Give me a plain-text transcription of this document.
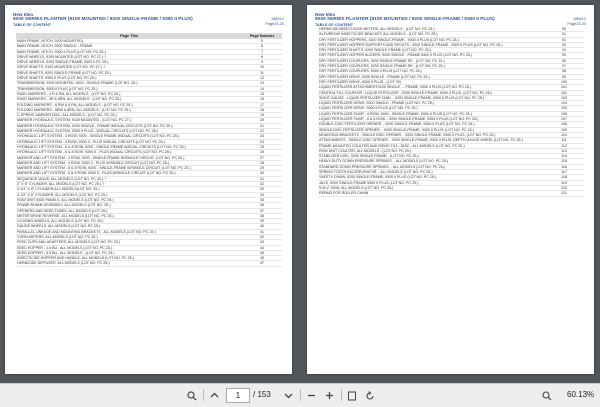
New Idea
9000 SERIES PLANTER (9100 MOUNTED / 9200 SINGLE-FRAME / 9300 II PLUS)
TABLE OF CONTENT
988012
Page23-30
Page Title	Page Number
MAIN FRAME, HITCH, 9100 MOUNTED)	5
MAIN FRAME, HITCH, 9200 SINGLE - FRAME	6
MAIN FRAME, HITCH, 9300 II PLUS (LOT NO. PC 25-)	7
DRIVE WHEELS, 9100 MOUNTED (LOT NO. PC 27-) ?	8
DRIVE WHEELS, 9200 SINGLE-FRAME, 9300 II PC 25-)	9
DRIVE SHAFTS, 9100 MOUNTED (LOT NO. PC 27-) ?	10
DRIVE SHAFTS, 9200 SINGLE-FRAME (LOT NO. PC 25-)	11
DRIVE SHAFTS, 9300 II PLUS (LOT NO. PC 25-)	12
TRANSMISSION, 9100 MOUNTED, 9200 - SINGLE-FRAME (LOT NO. 25-)	13
TRANSMISSION, 9300 II PLUS (LOT NO. PC 25-)	14
RIGID MARKERS - 4 R & RN, ALL MODELS - (LOT NO. PC 25-)	15
RIGID MARKERS - 4R & 6RN, ALL MODELS - (LOT NO. PC 25-)	16
FOLDING MARKERS - 6 RW & 8 RN, ALL MODELS - (LOT NO. PC 25-)	17
FOLDING MARKERS - 6RW & 8RN, ALL MODELS - (LOT NO. PC 25-)	18
C-SPRING MARKER DISC, ALL MODELS - (LOT NO. PC 25-)	19
MARKER HYDRAULIC SYSTEM, 9100 MOUNTED - (LOT NO. PC 27-)	20
MARKER HYDRAULIC SYSTEM, 9200 SINGLE - FRAME W/DUAL CIRCUITS (LOT NO. PC 25-)	21
MARKER HYDRAULIC SYSTEM, 9300 II PLUS - W/DUAL CIRCUITS (LOT NO. PC 25-)	22
HYDRAULIC LIFT SYSTEM - 4 ROW, 9200 - SINGLE FRAME W/DUAL CIRCUITS (LOT NO. PC 25-)	23
HYDRAULIC LIFT SYSTEM - 4 ROW, 9300 II - PLUS W/DUAL CIRCUITS (LOT NO. PC 25-)	24
HYDRAULIC LIFT SYSTEM - 6 & 8 ROW, 9200 - SINGLE-FRAME W/DUAL CIRCUITS (LOT NO. PC 25-)	25
HYDRAULIC LIFT SYSTEM - 6 & 8 ROW, 9300 II - PLUS W/DUAL CIRCUITS (LOT NO. PC 25-)	26
MARKER AND LIFT SYSTEM - 4 ROW, 9200 - SINGLE-FRAME W/SINGLE CIRCUIT, (LOT NO. PC 25-)	27
MARKER AND LIFT SYSTEM - 4 ROW, 9300 II - PLUS W/SINGLE CIRCUIT (LOT NO. PC 25-)	28
MARKER AND LIFT SYSTEM - 6 & 8 ROW, 9200 - SINGLE-FRAME W/SINGLE CIRCUIT, (LOT NO. PC 25-)	29
MARKER AND LIFT SYSTEM - 6 & 8 ROW, 9300 II - PLUS W/SINGLE CIRCUIT (LOT NO. PC 25-)	30
SEQUENCE VALVE, ALL MODELS (LOT NO. PC 25-) ?	31
2" X 8" CYLINDER, ALL MODELS (LOT NO. PC 25-) ?	32
3-1/4" X 8" CYLINDER,ALL MODELS(LOT NO. 25-)	33
3-1/2" X 8" CYLINDER, ALL MODELS (LOT NO. PC 25-)	34
ROW UNIT SIDE PANELS, ALL MODELS (LOT NO. PC 25-)	35
FRAME/SHANK ASSEMBLY, ALL MODELS (LOT NO. 25-)	36
OPENERS AND SEED TUBES, ALL MODELS (LOT 25-)	37
METER DRIVE REVERSE, ALL MODELS (LOT NO. PC 25-)	38
CLOSING WHEELS, ALL MODELS (LOT NO. PC 25-)	39
GAUGE WHEELS, ALL MODELS (LOT NO. PC 25-)	40
PARALLEL LINKAGE AND MOUNTING BRACKETS , ALL MODELS (LOT NO. PC 25-)	41
CORN METERS, ALL MODELS (LOT NO. PC 25-)	42
FEED CUPS AND ADAPTERS, ALL MODELS (LOT NO. PC 25-)	43
SEED HOPPER - 1.6 BU., ALL MODELS (LOT NO. PC 25-)	44
SEED HOPPER - 3.0 BU., ALL MODELS - (LOT NO. PC 25-)	45
INSECTICIDE HOPPER AND HANDLE, ALL MODELS (LOT NO. PC 25-)	46
HERBICIDE DIFFUSER, ALL MODELS (LOT NO. PC 25-)	47
New Idea
9000 SERIES PLANTER (9100 MOUNTED / 9200 SINGLE-FRAME / 9300 II PLUS)
TABLE OF CONTENT
988012
Page23-30
HERBICIDE/INSECTICIDE METERS, ALL MODELS - (LOT NO. PC 25-)	90
IN-FURROW INSECTICIDE BRACKET, ALL MODELS - (LOT NO. PC 25-)	91
DRY FERTILIZER HOPPERS, 9200 SINGLE-FRAME - 9300 II PLUS (LOT NO. PC 25-)	92
DRY FERTILIZER HOPPER SUPPORTS AND SPOUTS - 9200 SINGLE-FRAME - 9300 II PLUS (LOT NO. PC 25-)	93
DRY FERTILIZER SHAFTS, 9200 SINGLE-FRAME (LOT NO. PC 25-)	94
DRY FERTILIZER HOPPER AUGERS, 9200 SINGLE - FRAME 9300 II PLUS (LOT NO. PC 25-)	95
DRY FERTILIZER COUPLERS, 9200 SINGLE-FRAME RE - (LOT NO. PC 25-)	96
DRY FERTILIZER COUPLERS, 9200 SINGLE-FRAME RE - (LOT NO. PC 25-)	97
DRY FERTILIZER COUPLERS, 9300 II PLUS (LOT NO. PC 25-)	98
DRY FERTILIZER DRIVE, 9200 SINGLE - FRAME (LOT NO. PC 25-)	99
DRY FERTILIZER DRIVE, 9300 II PLUS - (LOT 25)	100
LIQUID FERTILIZER ATTACHMENT,9200 SINGLE - - FRAME, 9300 II PLUS (LOT NO. PC 25-)	101
CENTRAL FILL COUPLER - LIQUID FERTILIZER - 9200 SINGLE-FRAME, 9300 II PLUS, (LOT NO. PC 25-)	102
SIGHT GAUGE - LIQUID FERTILIZER TANK, - 9200 SINGLE-FRAME, 9300 II PLUS (LOT NO. PC 25-)	103
LIQUID FERTILIZER DRIVE, 9200 SINGLE - FRAME (LOT NO. PC 25-)	104
LIQUID FERTILIZER DRIVE, 9300 II PLUS (LOT NO. PC 25-)	105
LIQUID FERTILIZER PUMP - 4 ROW, 9200 - SINGLE-FRAME, 9300 II PLUS (LOT NO. PC 25-)	106
LIQUID FERTILIZER PUMP - 6 & 8 ROW, - 9200 SINGLE-FRAME, 9300 II PLUS (LOT NO. PC 25-)	107
DOUBLE-DISC FERTILIZER OPENER, - 9200 SINGLE-FRAME, 9300 II PLUS (LOT NO. PC 25-)	108
SINGLE-DISC FERTILIZER OPENER, - 9200 SINGLE-FRAME, 9300 II PLUS, (LOT NO. PC 25-)	109
MOUNTING BRACKETS - SINGLE DISC OPENER, - 9200 SINGLE-FRAME, 9300 II PLUS, (LOT NO. PC 25-)	110
ATTACHMENTS - SINGLE-DISC OPENER, - 9200 SINGLE-FRAME, 9300 II PLUS, DEPTH GAUGE WHEEL (LOT NO. PC 25-)	111
FRAME-MOUNTED COULTER AND RIDGE TILL - DISC - ALL MODELS (LOT NO. PC 25-)	112
ROW UNIT COULTER, ALL MODELS - (LOT NO. PC 25-)	113
STABILIZER DISC, 9200 SINGLE-FRAME - (LOT NO. PC 25-)	114
HEAVY-DUTY DOWN PRESSURE SPRINGS, - ALL MODELS (LOT NO. PC 25-)	115
STANDARD DOWN PRESSURE SPRINGS, - ALL MODELS (LOT NO. PC 25-)	116
SPRING TOOTH INCORPORATOR, - ALL MODELS (LOT NO. PC 25-)	117
SAFETY CHAIN, 9200 SINGLE-FRAME, 9300 II PLUS (LOT NO. PC 25-)	118
JACK, 9200 SINGLE-FRAME 9300 II PLUS (LOT NO. PC 25-)	119
S.M.V. SIGN, ALL MODELS (LOT NO. PC 25-)	120
REPAIR FOR ROLLER CHAIN	121
1	/ 153	60.13%
